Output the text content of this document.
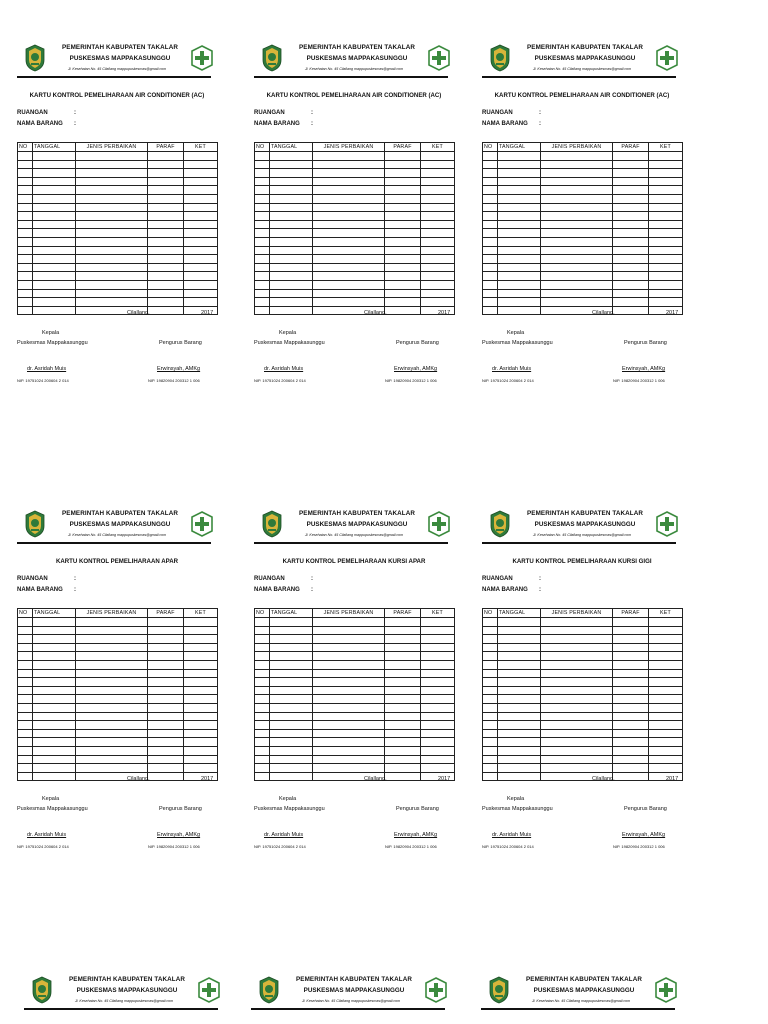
PEMERINTAH KABUPATEN TAKALAR
PUSKESMAS MAPPAKASUNGGU
Jl. Kesehatan No. 45 Cilallang mappupuskesmas@gmail.com
KARTU KONTROL PEMELIHARAAN AIR CONDITIONER (AC)
RUANGAN	:
NAMA BARANG :
NO	TANGGAL	JENIS PERBAIKAN	PARAF	KET

Cilallang,	2017
Kepala
Puskesmas Mappakasunggu	Pengurus Barang
dr. Asridah Muis	Erwinsyah, AMKg
NIP. 19751024 200604 2 014	NIP. 19820904 200312 1 006
PEMERINTAH KABUPATEN TAKALAR
PUSKESMAS MAPPAKASUNGGU
Jl. Kesehatan No. 45 Cilallang mappupuskesmas@gmail.com
KARTU KONTROL PEMELIHARAAN AIR CONDITIONER (AC)
RUANGAN	:
NAMA BARANG :
NO	TANGGAL	JENIS PERBAIKAN	PARAF	KET

Cilallang,	2017
Kepala
Puskesmas Mappakasunggu	Pengurus Barang
dr. Asridah Muis	Erwinsyah, AMKg
NIP. 19751024 200604 2 014	NIP. 19820904 200312 1 006
PEMERINTAH KABUPATEN TAKALAR
PUSKESMAS MAPPAKASUNGGU
Jl. Kesehatan No. 45 Cilallang mappupuskesmas@gmail.com
KARTU KONTROL PEMELIHARAAN AIR CONDITIONER (AC)
RUANGAN	:
NAMA BARANG :
NO	TANGGAL	JENIS PERBAIKAN	PARAF	KET

Cilallang,	2017
Kepala
Puskesmas Mappakasunggu	Pengurus Barang
dr. Asridah Muis	Erwinsyah, AMKg
NIP. 19751024 200604 2 014	NIP. 19820904 200312 1 006
PEMERINTAH KABUPATEN TAKALAR
PUSKESMAS MAPPAKASUNGGU
Jl. Kesehatan No. 45 Cilallang mappupuskesmas@gmail.com
KARTU KONTROL PEMELIHARAAN APAR
RUANGAN	:
NAMA BARANG :
NO	TANGGAL	JENIS PERBAIKAN	PARAF	KET

Cilallang,	2017
Kepala
Puskesmas Mappakasunggu	Pengurus Barang
dr. Asridah Muis	Erwinsyah, AMKg
NIP. 19751024 200604 2 014	NIP. 19820904 200312 1 006
PEMERINTAH KABUPATEN TAKALAR
PUSKESMAS MAPPAKASUNGGU
Jl. Kesehatan No. 45 Cilallang mappupuskesmas@gmail.com
KARTU KONTROL PEMELIHARAAN KURSI APAR
RUANGAN	:
NAMA BARANG :
NO	TANGGAL	JENIS PERBAIKAN	PARAF	KET

Cilallang,	2017
Kepala
Puskesmas Mappakasunggu	Pengurus Barang
dr. Asridah Muis	Erwinsyah, AMKg
NIP. 19751024 200604 2 014	NIP. 19820904 200312 1 006
PEMERINTAH KABUPATEN TAKALAR
PUSKESMAS MAPPAKASUNGGU
Jl. Kesehatan No. 45 Cilallang mappupuskesmas@gmail.com
KARTU KONTROL PEMELIHARAAN KURSI GIGI
RUANGAN	:
NAMA BARANG :
NO	TANGGAL	JENIS PERBAIKAN	PARAF	KET

Cilallang,	2017
Kepala
Puskesmas Mappakasunggu	Pengurus Barang
dr. Asridah Muis	Erwinsyah, AMKg
NIP. 19751024 200604 2 014	NIP. 19820904 200312 1 006
PEMERINTAH KABUPATEN TAKALAR
PUSKESMAS MAPPAKASUNGGU
Jl. Kesehatan No. 45 Cilallang mappupuskesmas@gmail.com
PEMERINTAH KABUPATEN TAKALAR
PUSKESMAS MAPPAKASUNGGU
Jl. Kesehatan No. 45 Cilallang mappupuskesmas@gmail.com
PEMERINTAH KABUPATEN TAKALAR
PUSKESMAS MAPPAKASUNGGU
Jl. Kesehatan No. 45 Cilallang mappupuskesmas@gmail.com
